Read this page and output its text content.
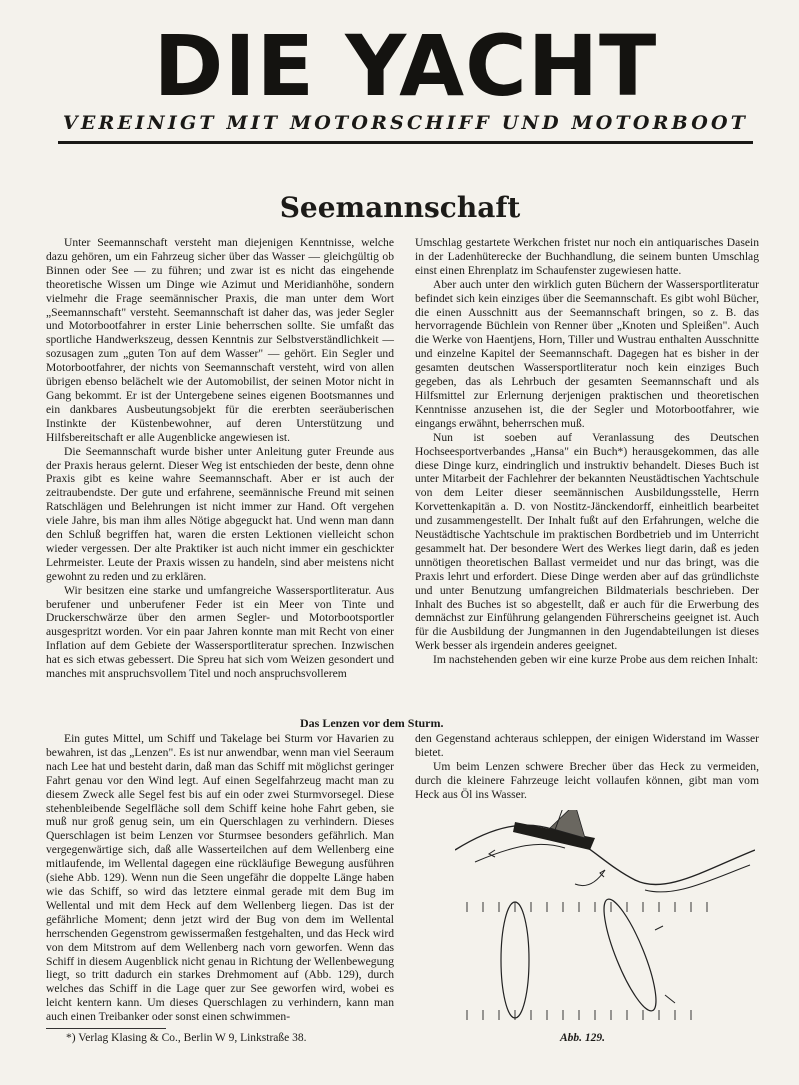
DIE YACHT
VEREINIGT MIT MOTORSCHIFF UND MOTORBOOT
Seemannschaft

Unter Seemannschaft versteht man diejenigen Kenntnisse, welche dazu gehören, um ein Fahrzeug sicher über das Wasser — gleichgültig ob Binnen oder See — zu führen; und zwar ist es nicht das eingehende theoretische Wissen um Dinge wie Azimut und Meridianhöhe, sondern vielmehr die Frage seemännischer Praxis, die man unter dem Wort „Seemannschaft" versteht. Seemannschaft ist daher das, was jeder Segler und Motorbootfahrer in erster Linie beherrschen sollte. Sie umfaßt das sportliche Handwerkszeug, dessen Kenntnis zur Selbstverständlichkeit — sozusagen zum „guten Ton auf dem Wasser" — gehört. Ein Segler und Motorbootfahrer, der nichts von Seemannschaft versteht, wird von allen übrigen ebenso belächelt wie der Automobilist, der seinen Motor nicht in Gang bekommt. Er ist der Untergebene seines eigenen Bootsmannes und ein dankbares Ausbeutungsobjekt für die ererbten seeräuberischen Instinkte der Küstenbewohner, auf deren Unterstützung und Hilfsbereitschaft er alle Augenblicke angewiesen ist.

Die Seemannschaft wurde bisher unter Anleitung guter Freunde aus der Praxis heraus gelernt. Dieser Weg ist entschieden der beste, denn ohne Praxis gibt es keine wahre Seemannschaft. Aber er ist auch der zeitraubendste. Der gute und erfahrene, seemännische Freund mit seinen Ratschlägen und Belehrungen ist nicht immer zur Hand. Oft vergehen viele Jahre, bis man ihm alles Nötige abgeguckt hat. Und wenn man dann den Schluß begriffen hat, waren die ersten Lektionen vielleicht schon wieder vergessen. Der alte Praktiker ist auch nicht immer ein geschickter Lehrmeister. Leute der Praxis wissen zu handeln, sind aber meistens nicht gewohnt zu reden und zu erklären.

Wir besitzen eine starke und umfangreiche Wassersportliteratur. Aus berufener und unberufener Feder ist ein Meer von Tinte und Druckerschwärze über den armen Segler- und Motorbootsportler ausgespritzt worden. Vor ein paar Jahren konnte man mit Recht von einer Inflation auf dem Gebiete der Wassersportliteratur sprechen. Inzwischen hat es sich etwas gebessert. Die Spreu hat sich vom Weizen gesondert und manches mit anspruchsvollem Titel und noch anspruchsvollerem

Umschlag gestartete Werkchen fristet nur noch ein antiquarisches Dasein in der Ladenhüterecke der Buchhandlung, die seinem bunten Umschlag einst einen Ehrenplatz im Schaufenster zugewiesen hatte.

Aber auch unter den wirklich guten Büchern der Wassersportliteratur befindet sich kein einziges über die Seemannschaft. Es gibt wohl Bücher, die einen Ausschnitt aus der Seemannschaft bringen, so z. B. das hervorragende Büchlein von Renner über „Knoten und Spleißen". Auch die Werke von Haentjens, Horn, Tiller und Wustrau enthalten Ausschnitte und einzelne Kapitel der Seemannschaft. Dagegen hat es bisher in der gesamten deutschen Wassersportliteratur noch kein einziges Buch gegeben, das als Lehrbuch der gesamten Seemannschaft und als Hilfsmittel zur Erlernung derjenigen praktischen und theoretischen Kenntnisse anzusehen ist, die der Segler und Motorbootfahrer, wie eingangs erwähnt, beherrschen muß.

Nun ist soeben auf Veranlassung des Deutschen Hochseesportverbandes „Hansa" ein Buch*) herausgekommen, das alle diese Dinge kurz, eindringlich und instruktiv behandelt. Dieses Buch ist unter Mitarbeit der Fachlehrer der bekannten Neustädtischen Yachtschule von dem Leiter dieser seemännischen Ausbildungsstelle, Herrn Korvettenkapitän a. D. von Nostitz-Jänckendorff, einheitlich bearbeitet und zusammengestellt. Der Inhalt fußt auf den Erfahrungen, welche die Neustädtische Yachtschule im praktischen Bordbetrieb und im Unterricht gesammelt hat. Der besondere Wert des Werkes liegt darin, daß es jeden unnötigen theoretischen Ballast vermeidet und nur das bringt, was die Praxis lehrt und erfordert. Diese Dinge werden aber auf das gründlichste und unter Benutzung umfangreichen Bildmaterials beschrieben. Der Inhalt des Buches ist so abgestellt, daß er auch für die Erwerbung des demnächst zur Einführung gelangenden Führerscheins geeignet ist. Auch für die Ausbildung der Jungmannen in den Jugendabteilungen ist dieses Werk besser als irgendein anderes geeignet.

Im nachstehenden geben wir eine kurze Probe aus dem reichen Inhalt:

Das Lenzen vor dem Sturm.

Ein gutes Mittel, um Schiff und Takelage bei Sturm vor Havarien zu bewahren, ist das „Lenzen". Es ist nur anwendbar, wenn man viel Seeraum nach Lee hat und besteht darin, daß man das Schiff mit möglichst geringer Fahrt genau vor den Wind legt. Auf einen Segelfahrzeug macht man zu diesem Zweck alle Segel fest bis auf ein oder zwei Sturmvorsegel. Diese stehenbleibende Segelfläche soll dem Schiff keine hohe Fahrt geben, sie muß nur groß genug sein, um ein Querschlagen zu verhindern. Dieses Querschlagen ist beim Lenzen vor Sturmsee besonders gefährlich. Man vergegenwärtige sich, daß alle Wasserteilchen auf dem Wellenberg eine mitlaufende, im Wellental dagegen eine rückläufige Bewegung ausführen (siehe Abb. 129). Wenn nun die Seen ungefähr die doppelte Länge haben wie das Schiff, so wird das letztere einmal gerade mit dem Bug im Wellental und mit dem Heck auf dem Wellenberg liegen. Das ist der gefährliche Moment; denn jetzt wird der Bug von dem im Wellental herrschenden Gegenstrom gewissermaßen festgehalten, und das Heck wird von dem Mitstrom auf dem Wellenberg nach vorn geworfen. Wenn das Schiff in diesem Augenblick nicht genau in Richtung der Wellenbewegung liegt, so tritt dadurch ein starkes Drehmoment auf (Abb. 129), durch welches das Schiff in die Lage quer zur See geworfen wird, wobei es leicht kentern kann. Um dieses Querschlagen zu verhindern, kann man auch einen Treibanker oder sonst einen schwimmen-

den Gegenstand achteraus schleppen, der einigen Widerstand im Wasser bietet.

Um beim Lenzen schwere Brecher über das Heck zu vermeiden, durch die kleinere Fahrzeuge leicht vollaufen können, gibt man vom Heck aus Öl ins Wasser.

*) Verlag Klasing & Co., Berlin W 9, Linkstraße 38.	Abb. 129.
